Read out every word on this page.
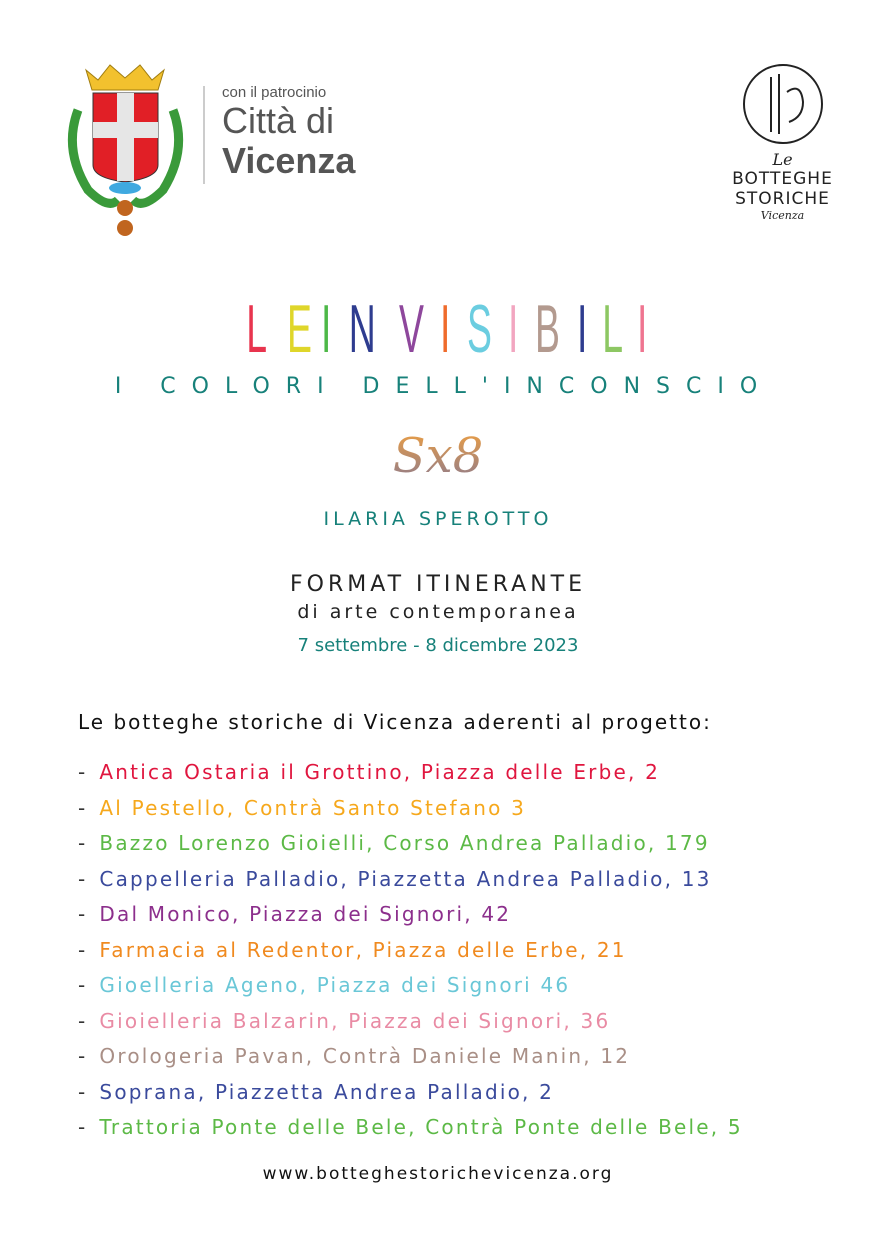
con il patrocinio
Città di
Vicenza	Le
BOTTEGHE
STORICHE
Vicenza
LEINVISIBILI
I COLORI DELL'INCONSCIO
Sx8
ILARIA SPEROTTO
FORMAT ITINERANTE
di arte contemporanea
7 settembre - 8 dicembre 2023
Le botteghe storiche di Vicenza aderenti al progetto:
- Antica Ostaria il Grottino, Piazza delle Erbe, 2
- Al Pestello, Contrà Santo Stefano 3
- Bazzo Lorenzo Gioielli, Corso Andrea Palladio, 179
- Cappelleria Palladio, Piazzetta Andrea Palladio, 13
- Dal Monico, Piazza dei Signori, 42
- Farmacia al Redentor, Piazza delle Erbe, 21
- Gioelleria Ageno, Piazza dei Signori 46
- Gioielleria Balzarin, Piazza dei Signori, 36
- Orologeria Pavan, Contrà Daniele Manin, 12
- Soprana, Piazzetta Andrea Palladio, 2
- Trattoria Ponte delle Bele, Contrà Ponte delle Bele, 5
www.botteghestorichevicenza.org
